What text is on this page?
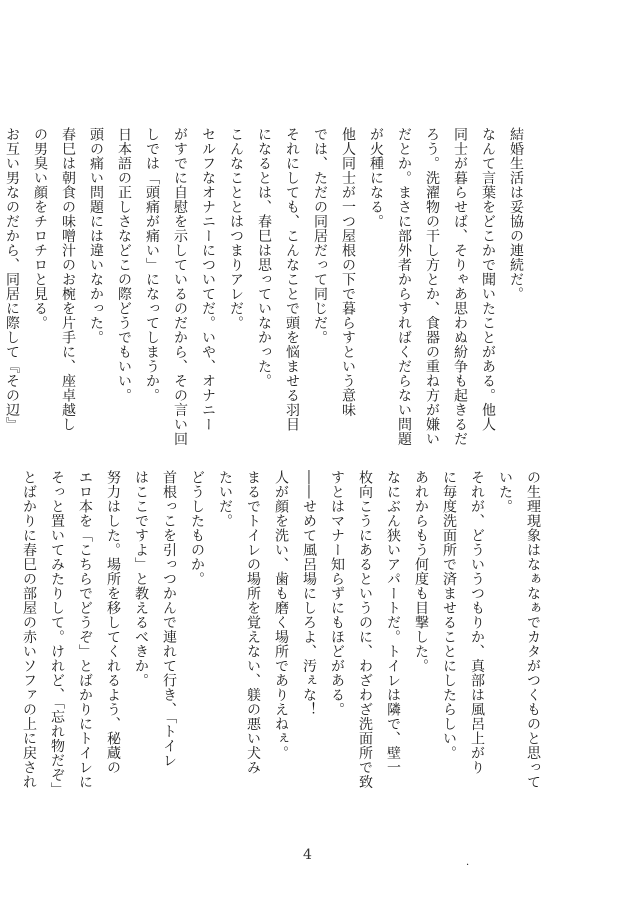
結婚生活は妥協の連続だ。

なんて言葉をどこかで聞いたことがある。他人

同士が暮らせば、そりゃあ思わぬ紛争も起きるだ

ろう。洗濯物の干し方とか、食器の重ね方が嫌い

だとか。まさに部外者からすればくだらない問題

が火種になる。

他人同士が一つ屋根の下で暮らすという意味

では、ただの同居だって同じだ。

それにしても、こんなことで頭を悩ませる羽目

になるとは、春巳は思っていなかった。

こんなこととはつまりアレだ。

セルフなオナニーについてだ。いや、オナニー

がすでに自慰を示しているのだから、その言い回

しでは「頭痛が痛い」になってしまうか。

日本語の正しさなどこの際どうでもいい。

頭の痛い問題には違いなかった。

春巳は朝食の味噌汁のお椀を片手に、座卓越し

の男臭い顔をチロチロと見る。

お互い男なのだから、同居に際して『その辺』

の生理現象はなぁなぁでカタがつくものと思って

いた。

それが、どういうつもりか、真部は風呂上がり

に毎度洗面所で済ませることにしたらしい。

あれからもう何度も目撃した。

なにぶん狭いアパートだ。トイレは隣で、壁一

枚向こうにあるというのに、わざわざ洗面所で致

すとはマナー知らずにもほどがある。

――せめて風呂場にしろよ、汚ぇな！

人が顔を洗い、歯も磨く場所でありえねぇ。

まるでトイレの場所を覚えない、躾の悪い犬み

たいだ。

どうしたものか。

首根っこを引っつかんで連れて行き、「トイレ

はここですよ」と教えるべきか。

努力はした。場所を移してくれるよう、秘蔵の

エロ本を「こちらでどうぞ」とばかりにトイレに

そっと置いてみたりして。けれど、「忘れ物だぞ」

とばかりに春巳の部屋の赤いソファの上に戻され

4
·
